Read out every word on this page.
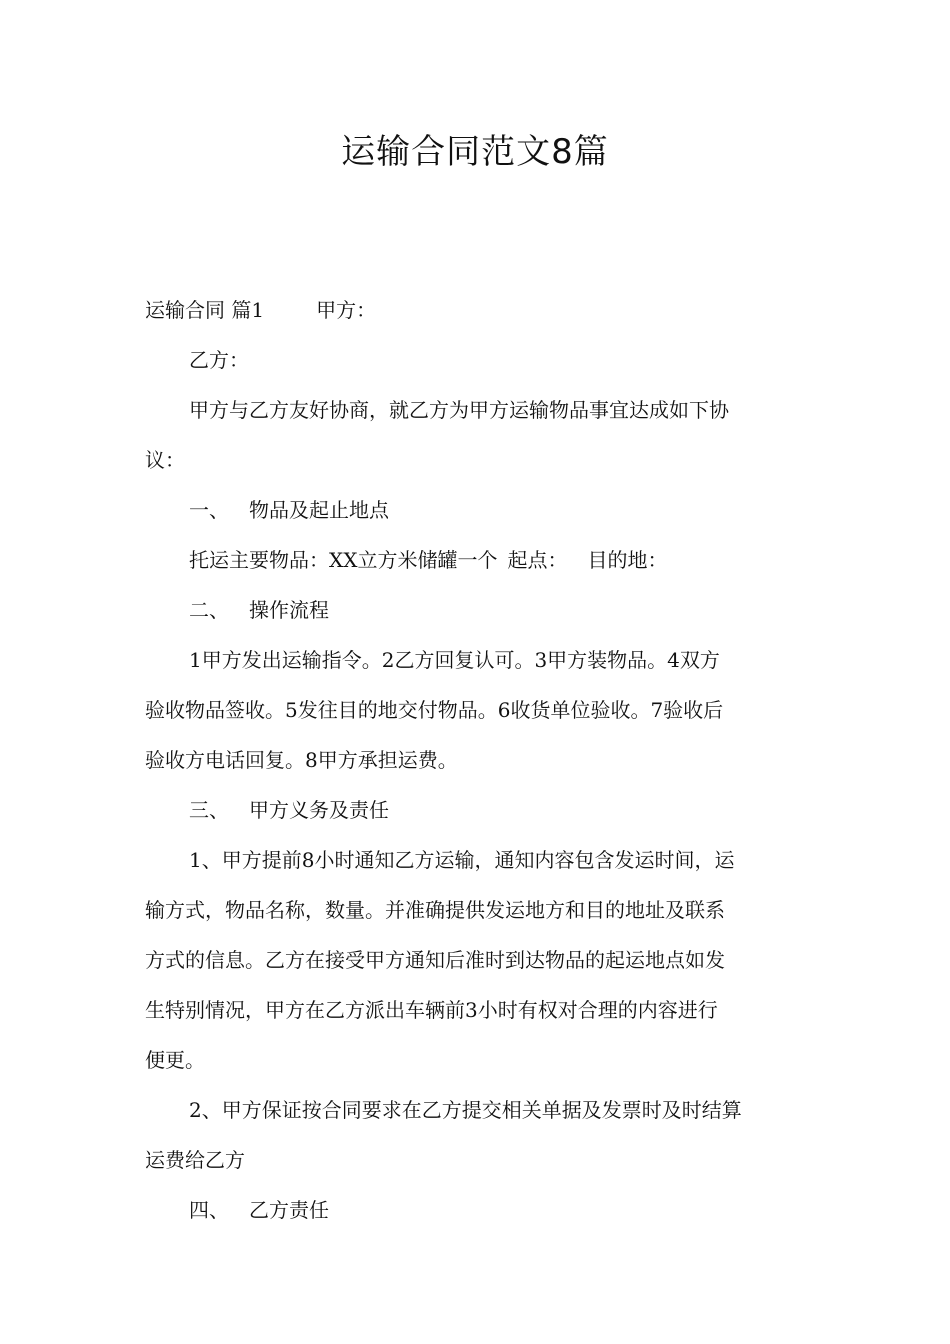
运输合同范文8篇
运输合同 篇1	甲方：
乙方：
甲方与乙方友好协商，就乙方为甲方运输物品事宜达成如下协
议：
一、 物品及起止地点
托运主要物品：XX立方米储罐一个 起点： 目的地：
二、 操作流程
1甲方发出运输指令。2乙方回复认可。3甲方装物品。4双方
验收物品签收。5发往目的地交付物品。6收货单位验收。7验收后
验收方电话回复。8甲方承担运费。
三、 甲方义务及责任
1、甲方提前8小时通知乙方运输，通知内容包含发运时间，运
输方式，物品名称，数量。并准确提供发运地方和目的地址及联系
方式的信息。乙方在接受甲方通知后准时到达物品的起运地点如发
生特别情况，甲方在乙方派出车辆前3小时有权对合理的内容进行
便更。
2、甲方保证按合同要求在乙方提交相关单据及发票时及时结算
运费给乙方
四、 乙方责任
